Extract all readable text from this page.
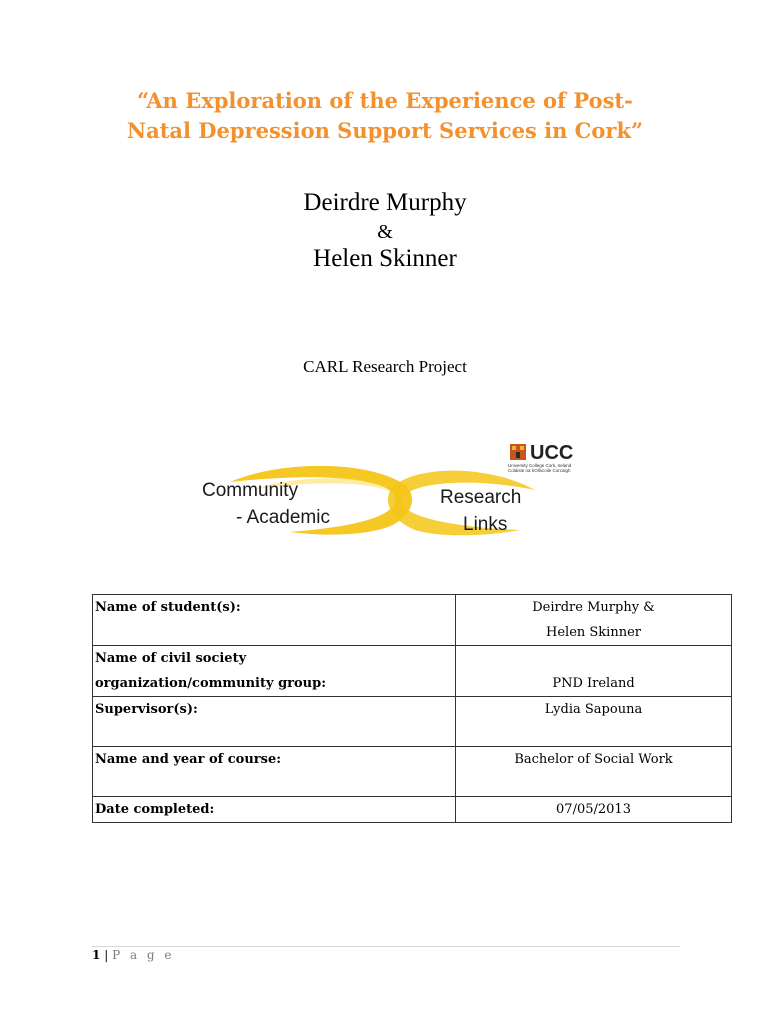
“An Exploration of the Experience of Post-
Natal Depression Support Services in Cork”
Deirdre Murphy
&
Helen Skinner
CARL Research Project
Community
- Academic
Research
Links
UCC
University College Cork, Ireland
Coláiste na hOllscoile Corcaigh
Name of student(s):	Deirdre Murphy &
Helen Skinner

Name of civil society
organization/community group:	PND Ireland
Supervisor(s):	Lydia Sapouna
Name and year of course:	Bachelor of Social Work
Date completed:	07/05/2013
1 | P a g e
